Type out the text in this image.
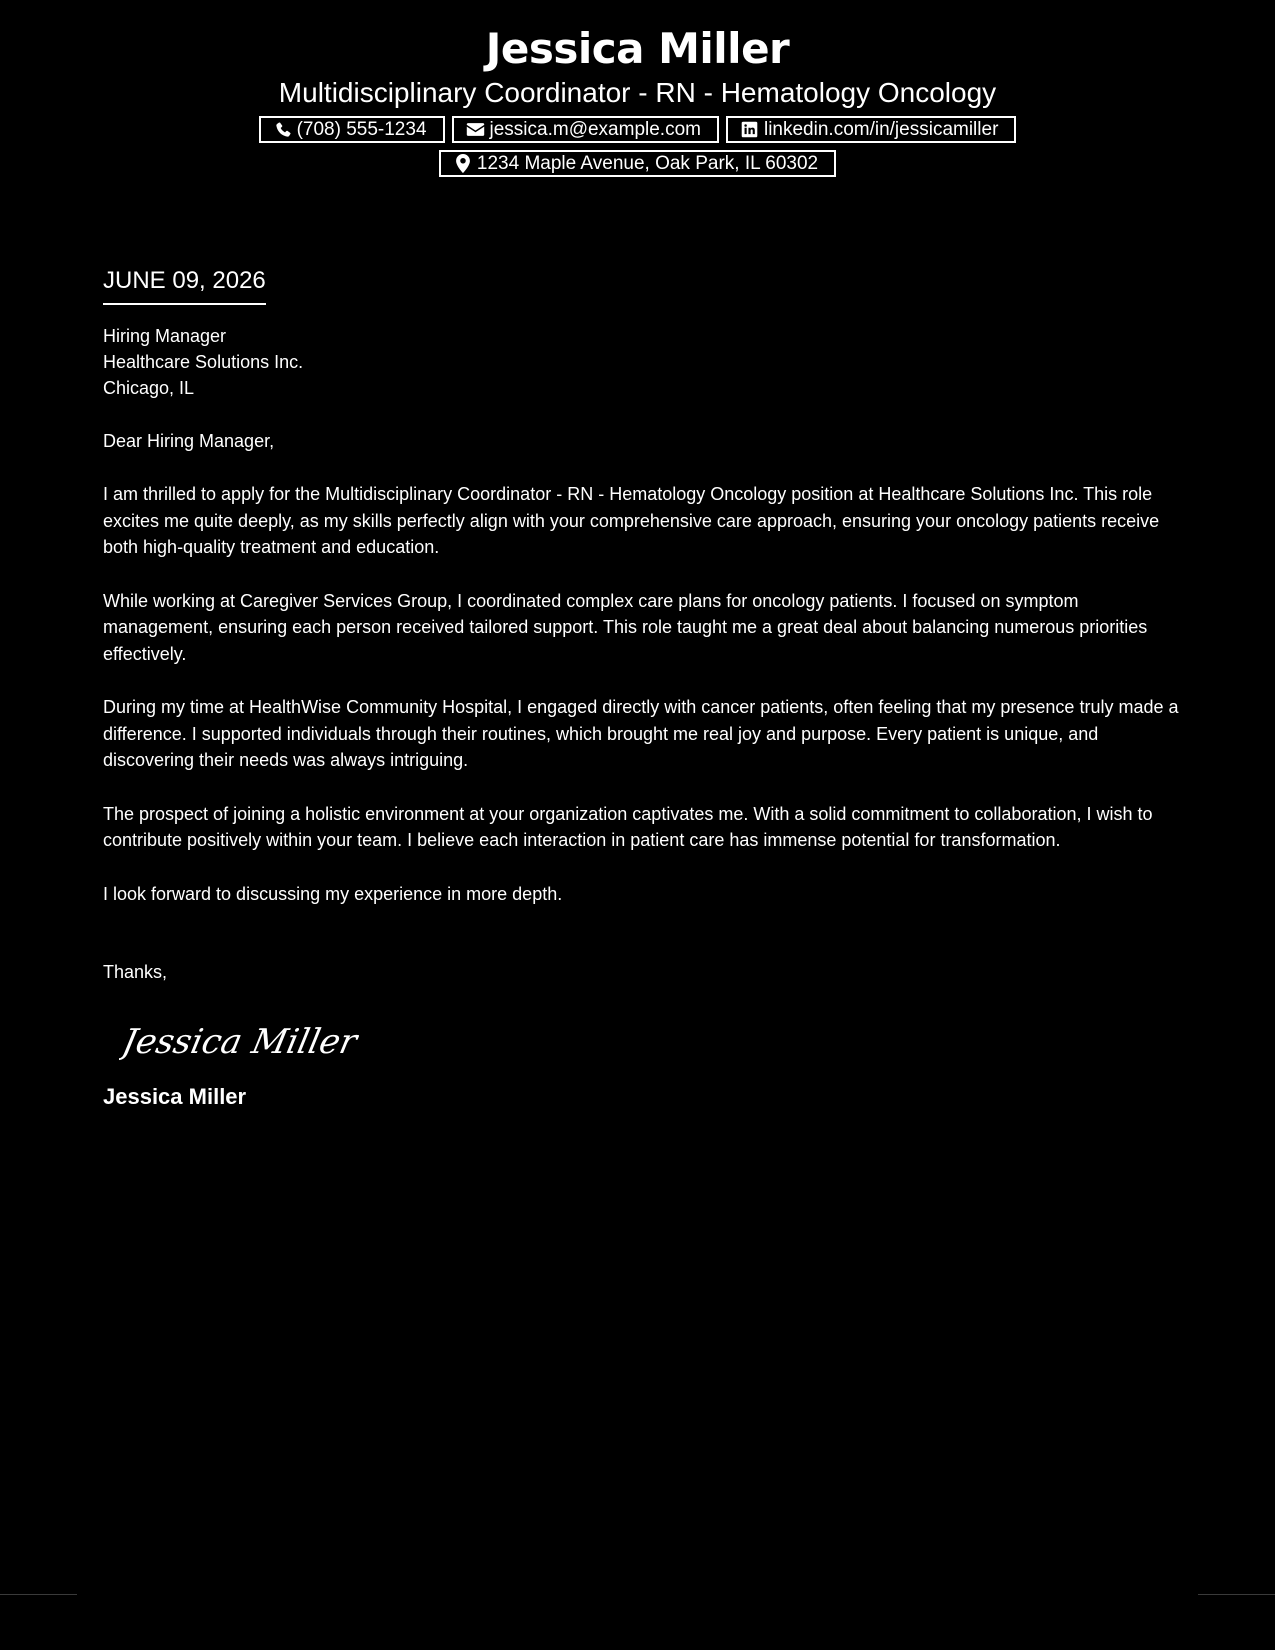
Jessica Miller

Multidisciplinary Coordinator - RN - Hematology Oncology

(708) 555-1234	jessica.m@example.com	linkedin.com/in/jessicamiller
1234 Maple Avenue, Oak Park, IL 60302

JUNE 09, 2026

Hiring Manager
Healthcare Solutions Inc.
Chicago, IL
Dear Hiring Manager,

I am thrilled to apply for the Multidisciplinary Coordinator - RN - Hematology Oncology position at Healthcare Solutions Inc. This role excites me quite deeply, as my skills perfectly align with your comprehensive care approach, ensuring your oncology patients receive both high-quality treatment and education.

While working at Caregiver Services Group, I coordinated complex care plans for oncology patients. I focused on symptom management, ensuring each person received tailored support. This role taught me a great deal about balancing numerous priorities effectively.

During my time at HealthWise Community Hospital, I engaged directly with cancer patients, often feeling that my presence truly made a difference. I supported individuals through their routines, which brought me real joy and purpose. Every patient is unique, and discovering their needs was always intriguing.

The prospect of joining a holistic environment at your organization captivates me. With a solid commitment to collaboration, I wish to contribute positively within your team. I believe each interaction in patient care has immense potential for transformation.

I look forward to discussing my experience in more depth.

Thanks,
Jessica Miller
Jessica Miller
